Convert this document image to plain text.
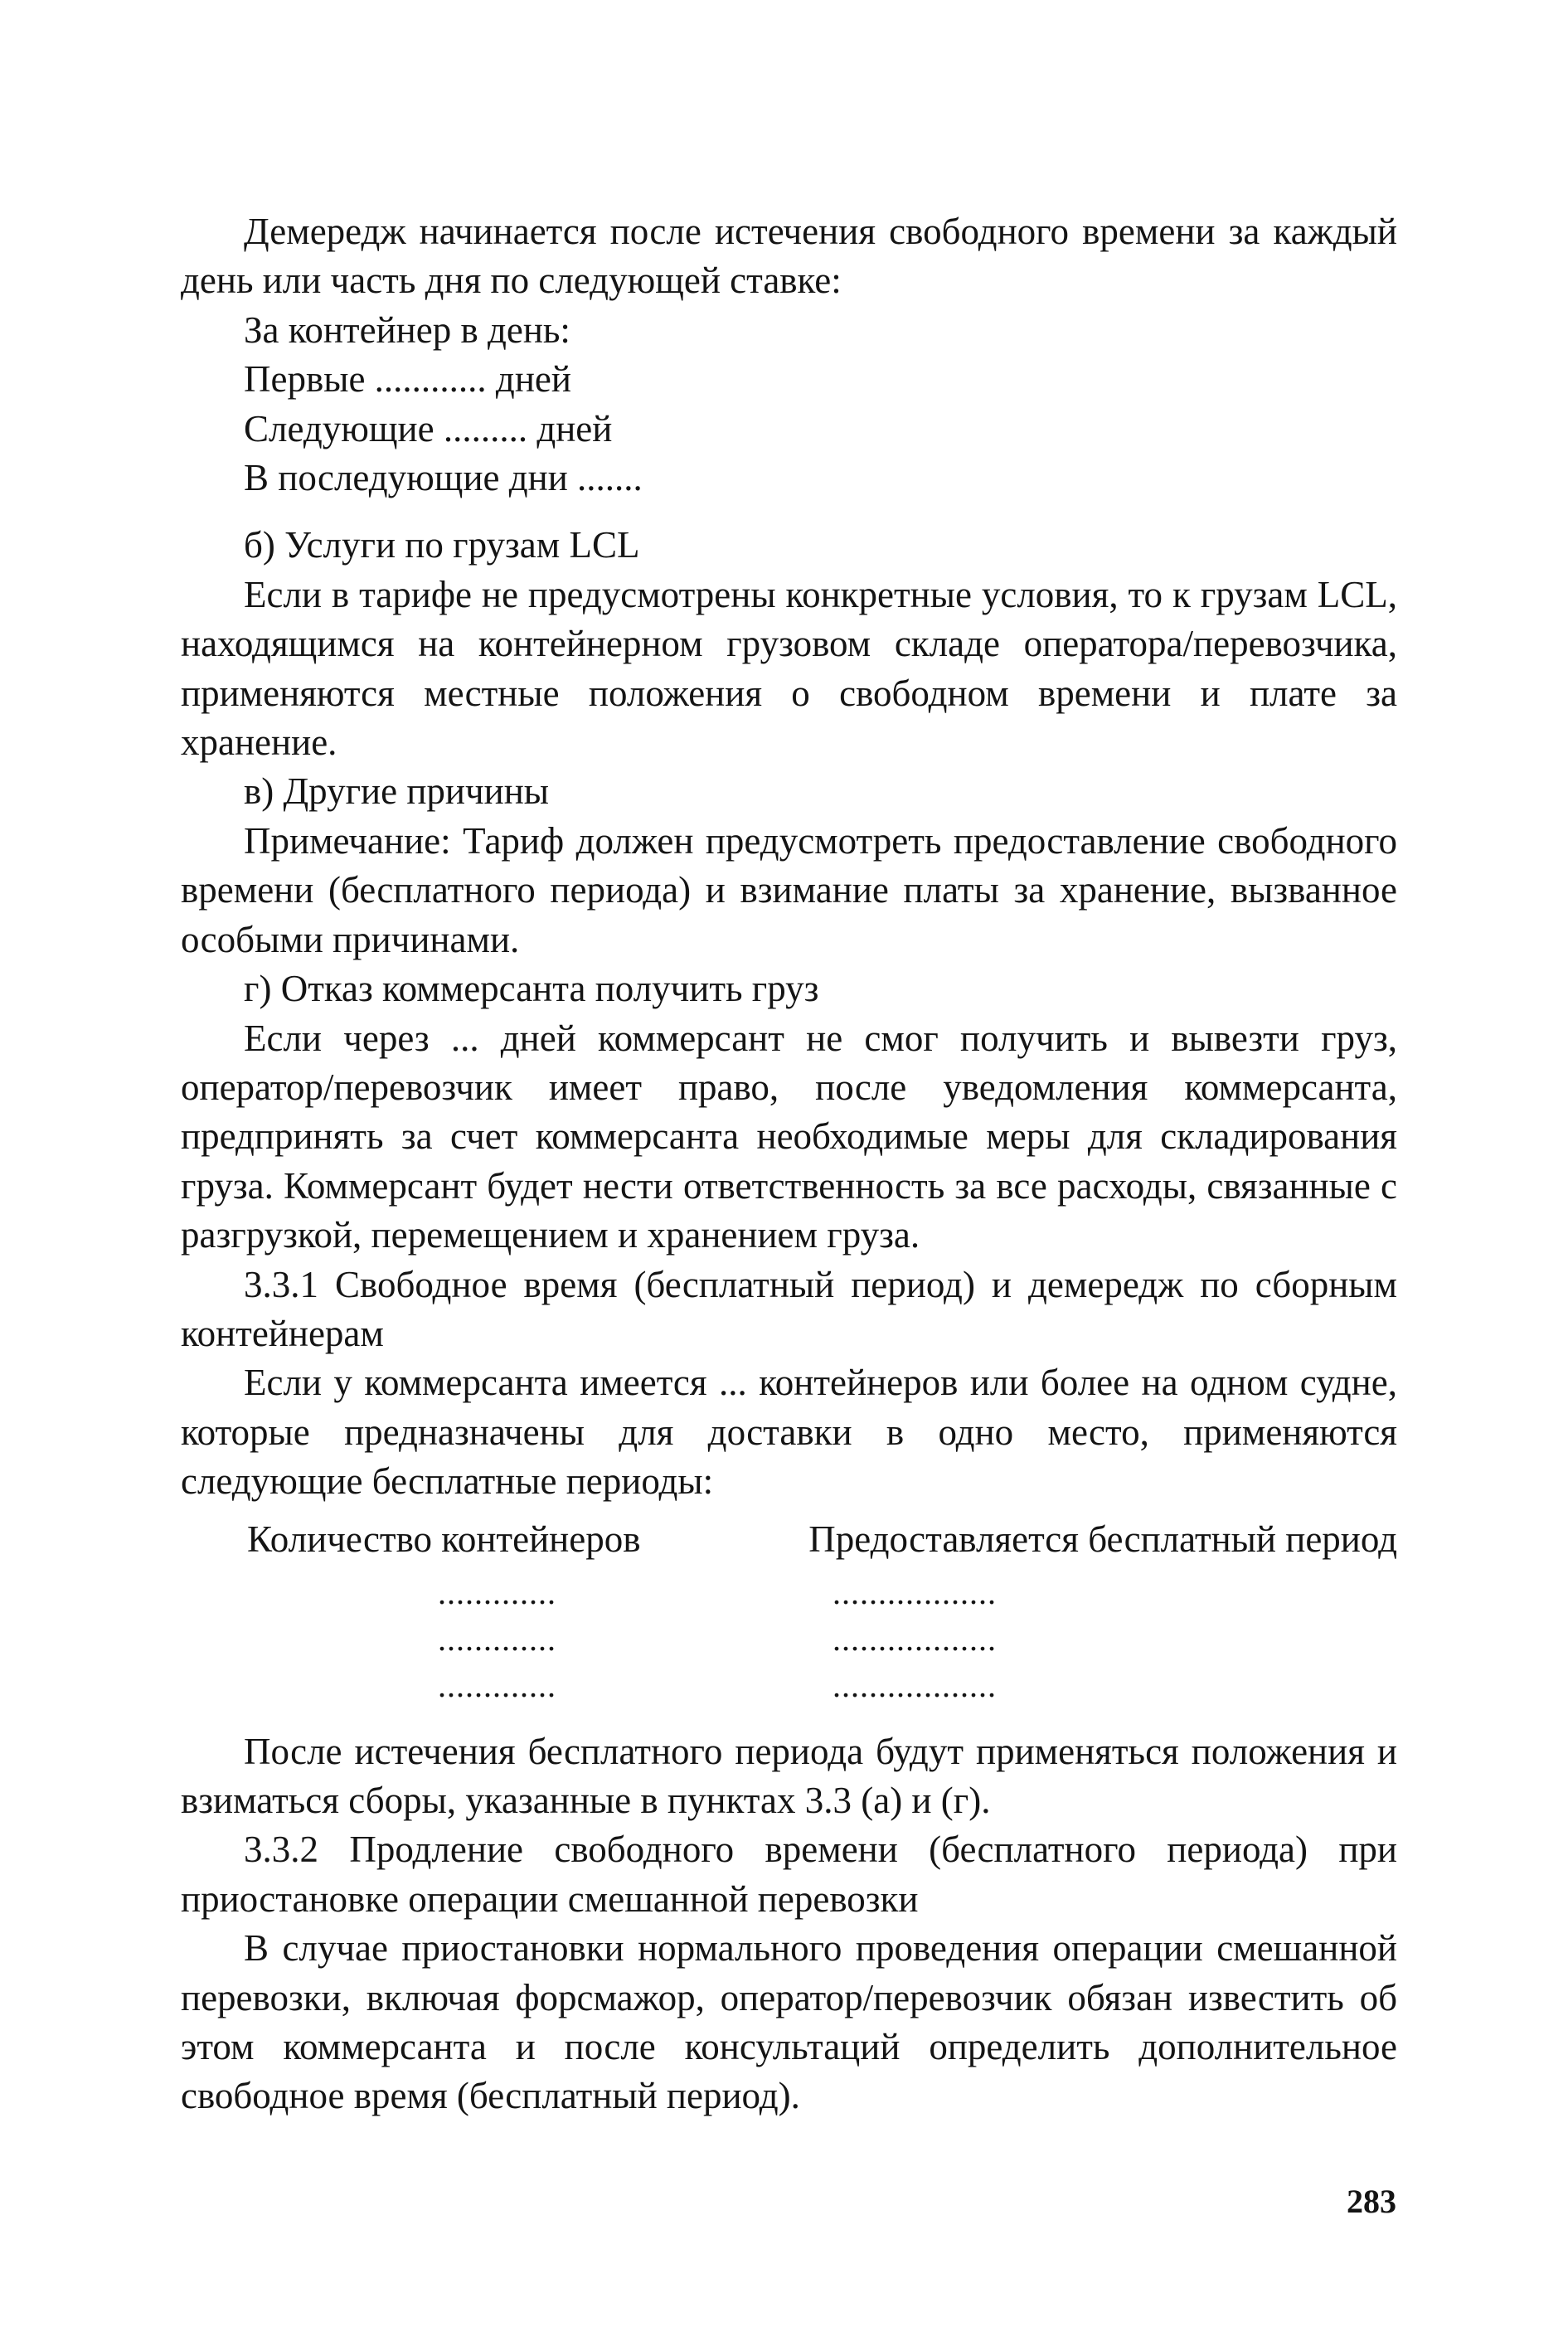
Демередж начинается после истечения свободного времени за каждый день или часть дня по следующей ставке:

За контейнер в день:

Первые ............ дней

Следующие ......... дней

В последующие дни .......

б) Услуги по грузам LCL

Если в тарифе не предусмотрены конкретные условия, то к грузам LCL, находящимся на контейнерном грузовом складе оператора/перевозчика, применяются местные положения о свободном времени и плате за хранение.

в) Другие причины

Примечание: Тариф должен предусмотреть предоставление свободного времени (бесплатного периода) и взимание платы за хранение, вызванное особыми причинами.

г) Отказ коммерсанта получить груз

Если через ... дней коммерсант не смог получить и вывезти груз, оператор/перевозчик имеет право, после уведомления коммерсанта, предпринять за счет коммерсанта необходимые меры для складирования груза. Коммерсант будет нести ответственность за все расходы, связанные с разгрузкой, перемещением и хранением груза.

3.3.1 Свободное время (бесплатный период) и демередж по сборным контейнерам

Если у коммерсанта имеется ... контейнеров или более на одном судне, которые предназначены для доставки в одно место, применяются следующие бесплатные периоды:

Количество контейнеров	Предоставляется бесплатный период
.............	..................
.............	..................
.............	..................

После истечения бесплатного периода будут применяться положения и взиматься сборы, указанные в пунктах 3.3 (а) и (г).

3.3.2 Продление свободного времени (бесплатного периода) при приостановке операции смешанной перевозки

В случае приостановки нормального проведения операции смешанной перевозки, включая форсмажор, оператор/перевозчик обязан известить об этом коммерсанта и после консультаций определить дополнительное свободное время (бесплатный период).

283
